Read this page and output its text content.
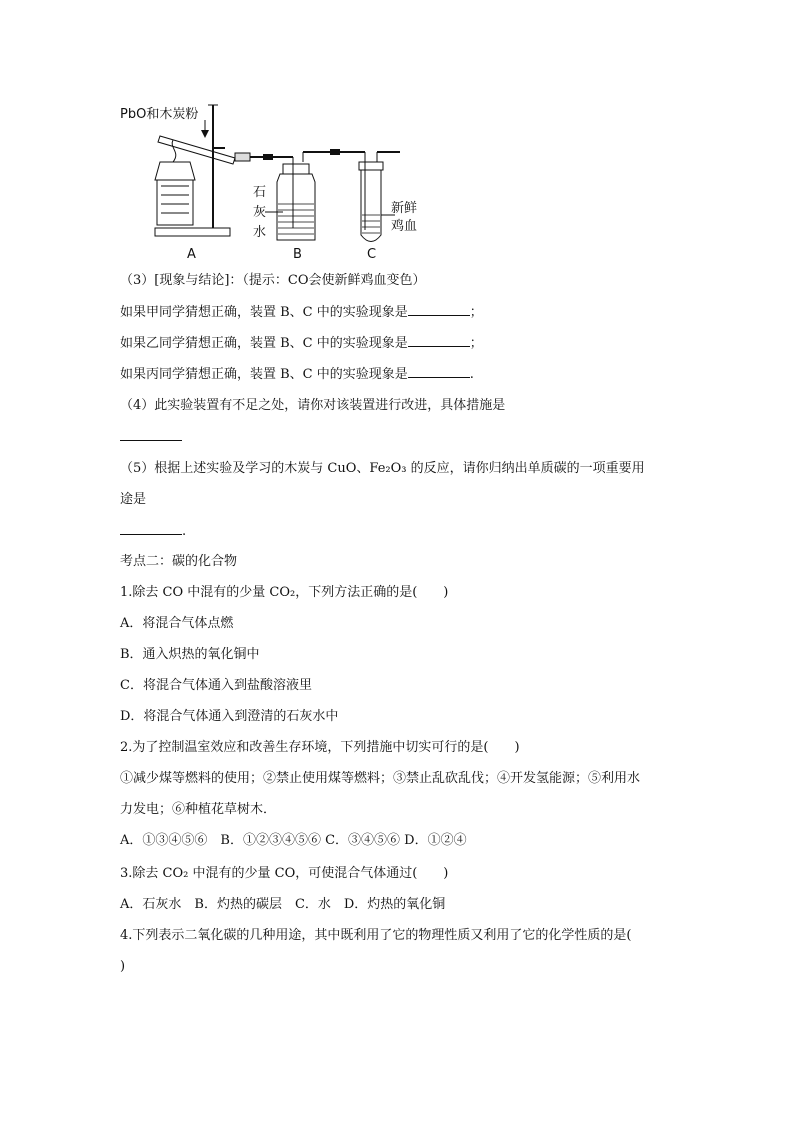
PbO和木炭粉
石
灰
水
新鲜
鸡血
A	B	C
（3）[现象与结论]：（提示：CO会使新鲜鸡血变色）
如果甲同学猜想正确，装置 B、C 中的实验现象是	；
如果乙同学猜想正确，装置 B、C 中的实验现象是	；
如果丙同学猜想正确，装置 B、C 中的实验现象是	.
（4）此实验装置有不足之处，请你对该装置进行改进，具体措施是
（5）根据上述实验及学习的木炭与 CuO、Fe₂O₃ 的反应，请你归纳出单质碳的一项重要用
途是
.
考点二：碳的化合物
1.除去 CO 中混有的少量 CO₂，下列方法正确的是(　　)
A．将混合气体点燃
B．通入炽热的氧化铜中
C．将混合气体通入到盐酸溶液里
D．将混合气体通入到澄清的石灰水中
2.为了控制温室效应和改善生存环境，下列措施中切实可行的是(　　)
①减少煤等燃料的使用；②禁止使用煤等燃料；③禁止乱砍乱伐；④开发氢能源；⑤利用水
力发电；⑥种植花草树木．
A．①③④⑤⑥　B．①②③④⑤⑥ C．③④⑤⑥ D．①②④
3.除去 CO₂ 中混有的少量 CO，可使混合气体通过(　　)
A．石灰水　B．灼热的碳层　C．水　D．灼热的氧化铜
4.下列表示二氧化碳的几种用途，其中既利用了它的物理性质又利用了它的化学性质的是(
)
